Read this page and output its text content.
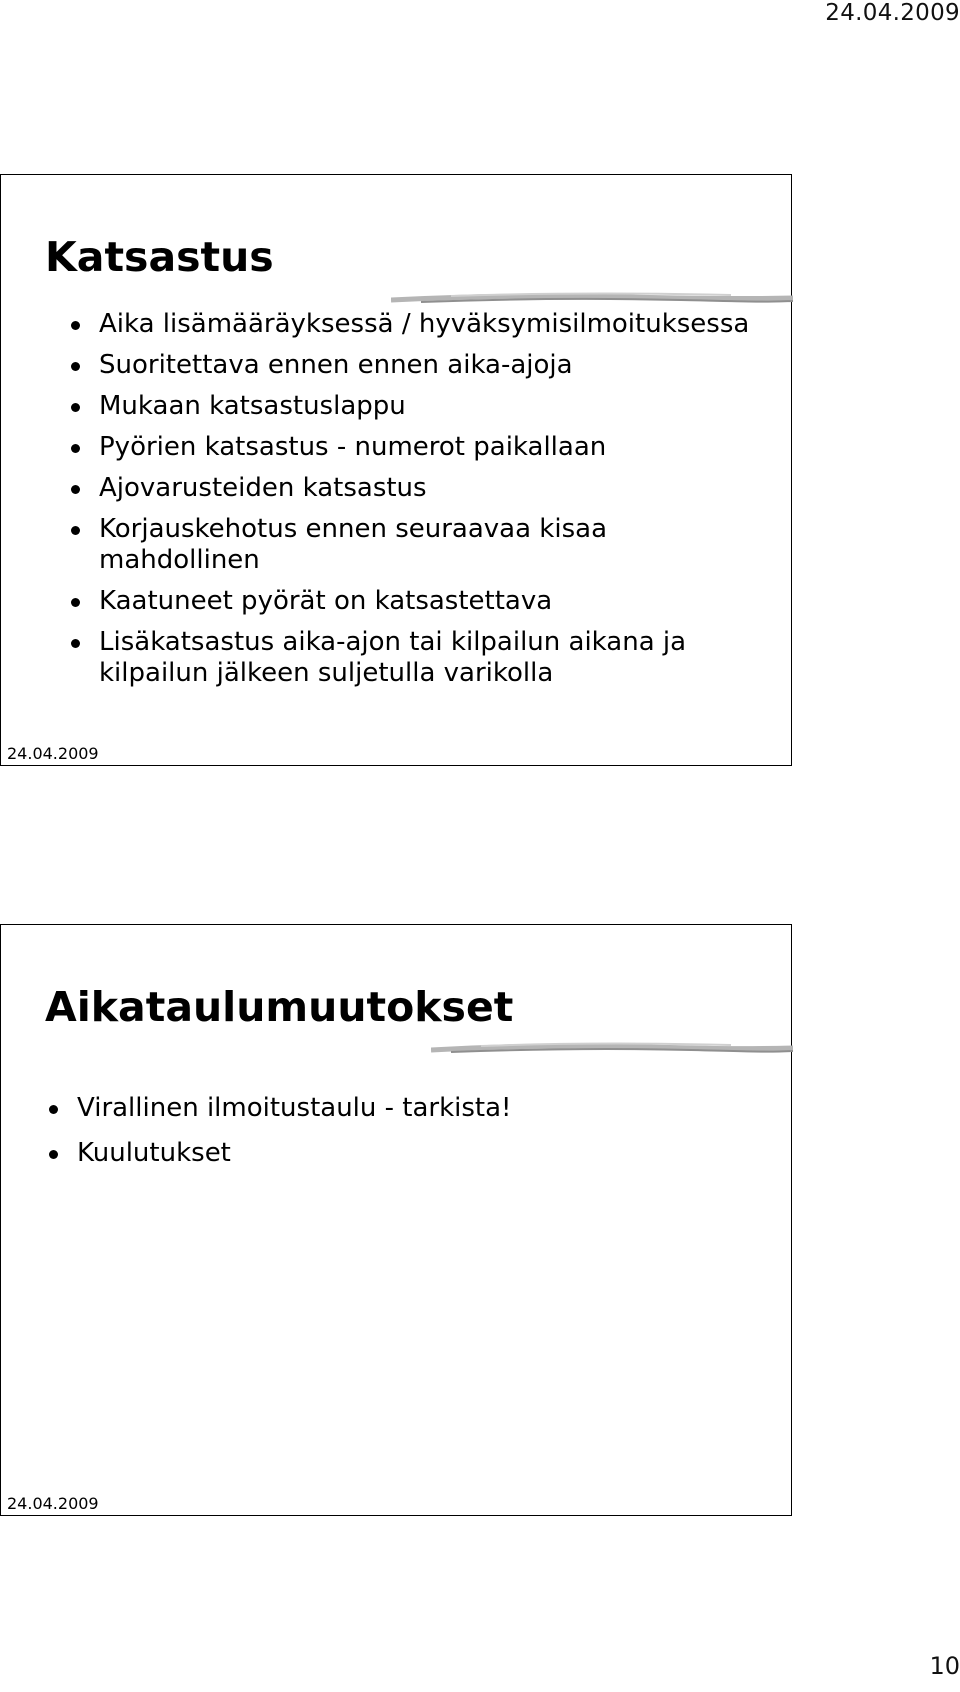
24.04.2009
Katsastus
Aika lisämääräyksessä / hyväksymisilmoituksessa
Suoritettava ennen ennen aika-ajoja
Mukaan katsastuslappu
Pyörien katsastus - numerot paikallaan
Ajovarusteiden katsastus
Korjauskehotus ennen seuraavaa kisaa mahdollinen
Kaatuneet pyörät on katsastettava
Lisäkatsastus aika-ajon tai kilpailun aikana ja kilpailun jälkeen suljetulla varikolla
24.04.2009
Aikataulumuutokset
Virallinen ilmoitustaulu - tarkista!
Kuulutukset
24.04.2009
10
